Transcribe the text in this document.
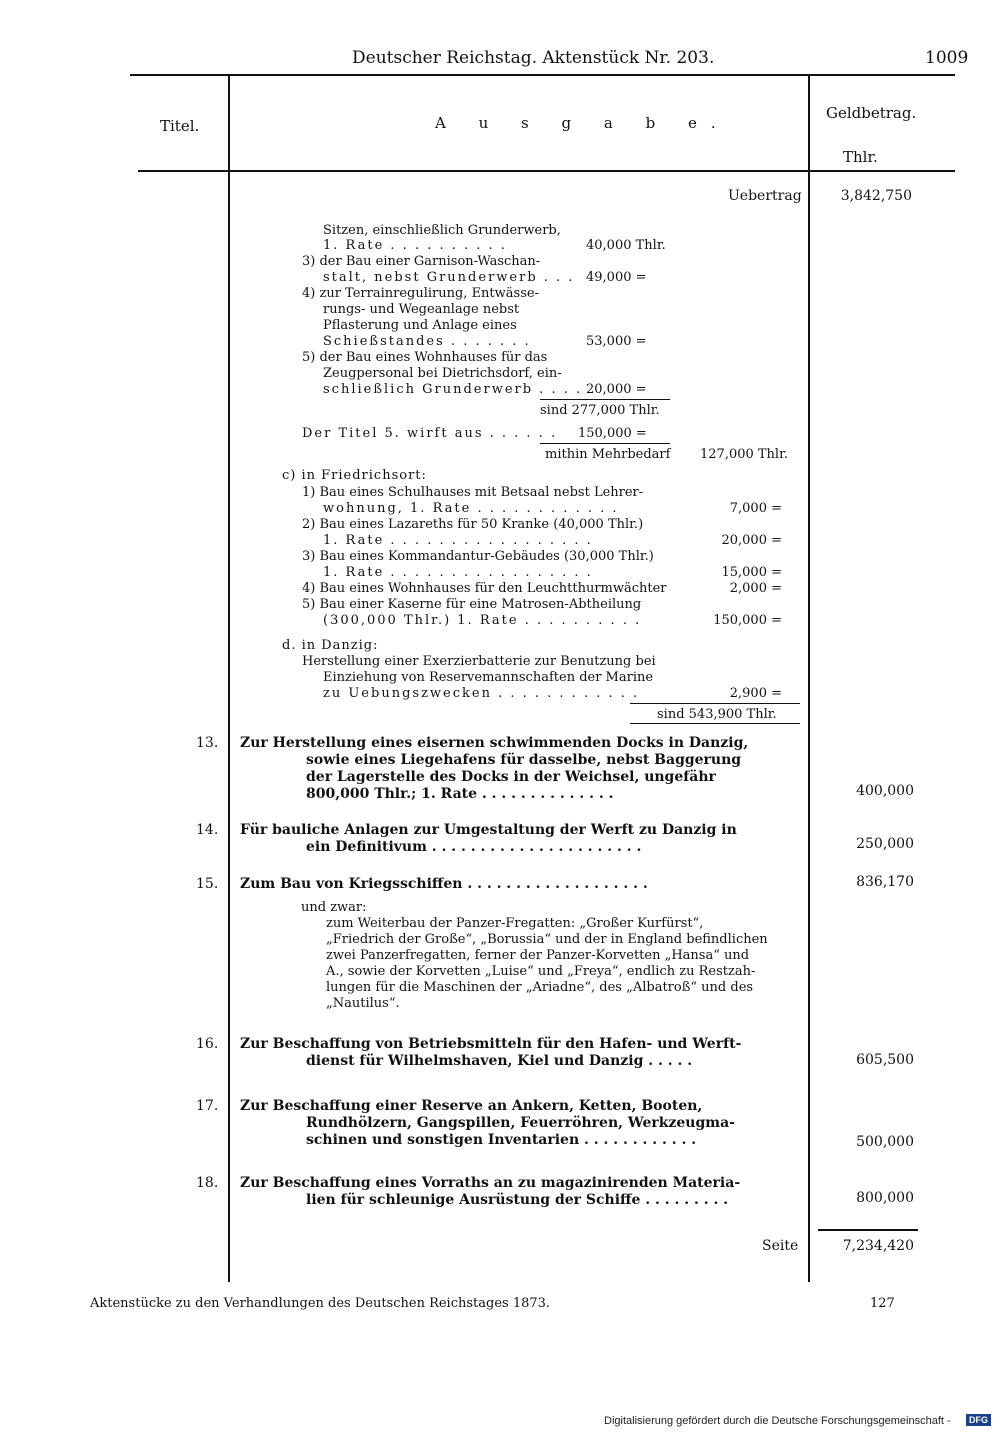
Deutscher Reichstag. Aktenstück Nr. 203.	1009
Titel.	A u s g a b e.
Geldbetrag.
Thlr.
Uebertrag	3,842,750
Sitzen, einschließlich Grunderwerb,
1. Rate . . . . . . . . . .	40,000 Thlr.
3) der Bau einer Garnison-Waschan-
stalt, nebst Grunderwerb . . . 49,000 =
4) zur Terrainregulirung, Entwässe-
rungs- und Wegeanlage nebst
Pflasterung und Anlage eines
Schießstandes . . . . . . .	53,000 =
5) der Bau eines Wohnhauses für das
Zeugpersonal bei Dietrichsdorf, ein-
schließlich Grunderwerb . . . . 20,000 =
sind 277,000 Thlr.
Der Titel 5. wirft aus . . . . . . 150,000 =
mithin Mehrbedarf 127,000 Thlr.
c) in Friedrichsort:
1) Bau eines Schulhauses mit Betsaal nebst Lehrer-
wohnung, 1. Rate . . . . . . . . . . . .	7,000 =
2) Bau eines Lazareths für 50 Kranke (40,000 Thlr.)
1. Rate . . . . . . . . . . . . . . . . .	20,000 =
3) Bau eines Kommandantur-Gebäudes (30,000 Thlr.)
1. Rate . . . . . . . . . . . . . . . . .	15,000 =
4) Bau eines Wohnhauses für den Leuchtthurmwächter	2,000 =
5) Bau einer Kaserne für eine Matrosen-Abtheilung
(300,000 Thlr.) 1. Rate . . . . . . . . . .	150,000 =
d. in Danzig:
Herstellung einer Exerzierbatterie zur Benutzung bei
Einziehung von Reservemannschaften der Marine
zu Uebungszwecken . . . . . . . . . . . .	2,900 =
sind 543,900 Thlr.
13. Zur Herstellung eines eisernen schwimmenden Docks in Danzig,
sowie eines Liegehafens für dasselbe, nebst Baggerung
der Lagerstelle des Docks in der Weichsel, ungefähr
800,000 Thlr.; 1. Rate . . . . . . . . . . . . . .	400,000
14. Für bauliche Anlagen zur Umgestaltung der Werft zu Danzig in
ein Definitivum . . . . . . . . . . . . . . . . . . . . . .	250,000
15. Zum Bau von Kriegsschiffen . . . . . . . . . . . . . . . . . . .	836,170
und zwar:
zum Weiterbau der Panzer-Fregatten: „Großer Kurfürst“,
„Friedrich der Große“, „Borussia“ und der in England befindlichen
zwei Panzerfregatten, ferner der Panzer-Korvetten „Hansa“ und
A., sowie der Korvetten „Luise“ und „Freya“, endlich zu Restzah-
lungen für die Maschinen der „Ariadne“, des „Albatroß“ und des
„Nautilus“.
16. Zur Beschaffung von Betriebsmitteln für den Hafen- und Werft-
dienst für Wilhelmshaven, Kiel und Danzig . . . . .	605,500
17. Zur Beschaffung einer Reserve an Ankern, Ketten, Booten,
Rundhölzern, Gangspillen, Feuerröhren, Werkzeugma-
schinen und sonstigen Inventarien . . . . . . . . . . . .	500,000
18. Zur Beschaffung eines Vorraths an zu magazinirenden Materia-
lien für schleunige Ausrüstung der Schiffe . . . . . . . . .	800,000
Seite	7,234,420
Aktenstücke zu den Verhandlungen des Deutschen Reichstages 1873.	127
Digitalisierung gefördert durch die Deutsche Forschungsgemeinschaft -	DFG
